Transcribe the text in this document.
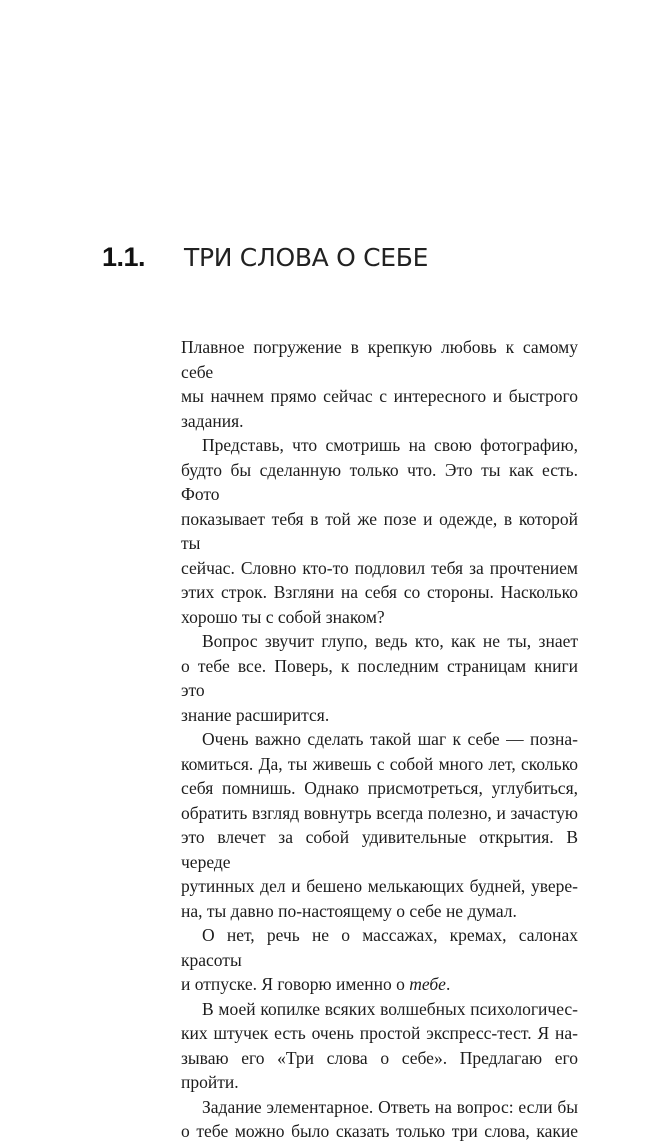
1.1.	ТРИ СЛОВА О СЕБЕ
Плавное погружение в крепкую любовь к самому себе
мы начнем прямо сейчас с интересного и быстрого
задания.
Представь, что смотришь на свою фотографию,
будто бы сделанную только что. Это ты как есть. Фото
показывает тебя в той же позе и одежде, в которой ты
сейчас. Словно кто-то подловил тебя за прочтением
этих строк. Взгляни на себя со стороны. Насколько
хорошо ты с собой знаком?
Вопрос звучит глупо, ведь кто, как не ты, знает
о тебе все. Поверь, к последним страницам книги это
знание расширится.
Очень важно сделать такой шаг к себе — позна-
комиться. Да, ты живешь с собой много лет, сколько
себя помнишь. Однако присмотреться, углубиться,
обратить взгляд вовнутрь всегда полезно, и зачастую
это влечет за собой удивительные открытия. В череде
рутинных дел и бешено мелькающих будней, увере-
на, ты давно по-настоящему о себе не думал.
О нет, речь не о массажах, кремах, салонах красоты
и отпуске. Я говорю именно о тебе.
В моей копилке всяких волшебных психологичес-
ких штучек есть очень простой экспресс-тест. Я на-
зываю его «Три слова о себе». Предлагаю его пройти.
Задание элементарное. Ответь на вопрос: если бы
о тебе можно было сказать только три слова, какие
